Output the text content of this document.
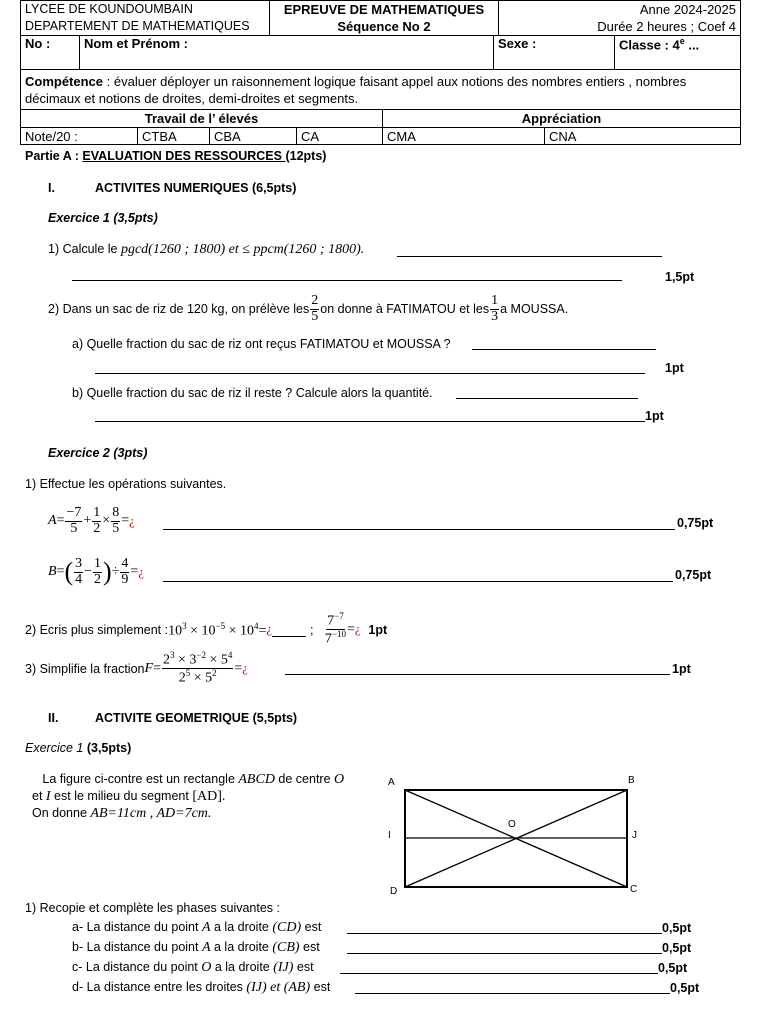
LYCEE DE KOUNDOUMBAIN
DEPARTEMENT DE MATHEMATIQUES

EPREUVE DE MATHEMATIQUES
Séquence No 2

Anne 2024-2025
Durée 2 heures ; Coef 4
No :	Nom et Prénom :	Sexe :	Classe : 4e ...
Compétence : évaluer déployer un raisonnement logique faisant appel aux notions des nombres entiers , nombres décimaux et notions de droites, demi-droites et segments.
Travail de l’ élevés				Appréciation	
Note/20 :	CTBA	CBA	CA	CMA	CNA
Partie A : EVALUATION DES RESSOURCES (12pts)
I.	ACTIVITES NUMERIQUES (6,5pts)
Exercice 1 (3,5pts)
1) Calcule le pgcd(1260 ; 1800) et ≤ ppcm(1260 ; 1800).
1,5pt
2) Dans un sac de riz de 120 kg, on prélève les $\frac{2}{5}$ on donne à FATIMATOU et les $\frac{1}{3}$ a MOUSSA.
a) Quelle fraction du sac de riz ont reçus FATIMATOU et MOUSSA ?
1pt
b) Quelle fraction du sac de riz il reste ? Calcule alors la quantité.
1pt
Exercice 2 (3pts)
1) Effectue les opérations suivantes.
$A = \frac{-7}{5} + \frac{1}{2} \times \frac{8}{5}$ = ¿	0,75pt
B = ( $\frac{3}{4} - \frac{1}{2}$ ) ÷ $\frac{4}{9}$ = ¿	0,75pt
2) Ecris plus simplement : $10^3 \times 10^{-5} \times 10^4=$ ¿
	; $\frac{7^{-7}}{7^{-10}}$ = ¿ 1pt
3) Simplifie la fraction $F = \frac{2^3 \times 3^{-2} \times 5^4}{2^5 \times 5^2}$ = ¿	1pt
II.	ACTIVITE GEOMETRIQUE (5,5pts)
Exercice 1 (3,5pts)
La figure ci-contre est un rectangle ABCD de centre O
et I est le milieu du segment [AD].
On donne AB=11cm , AD=7cm.
A	B
C
D
O
I	J
1) Recopie et complète les phases suivantes :
a- La distance du point A a la droite (CD) est	0,5pt
b- La distance du point A a la droite (CB) est	0,5pt
c- La distance du point O a la droite (IJ) est	0,5pt
d- La distance entre les droites (IJ) et (AB) est	0,5pt
